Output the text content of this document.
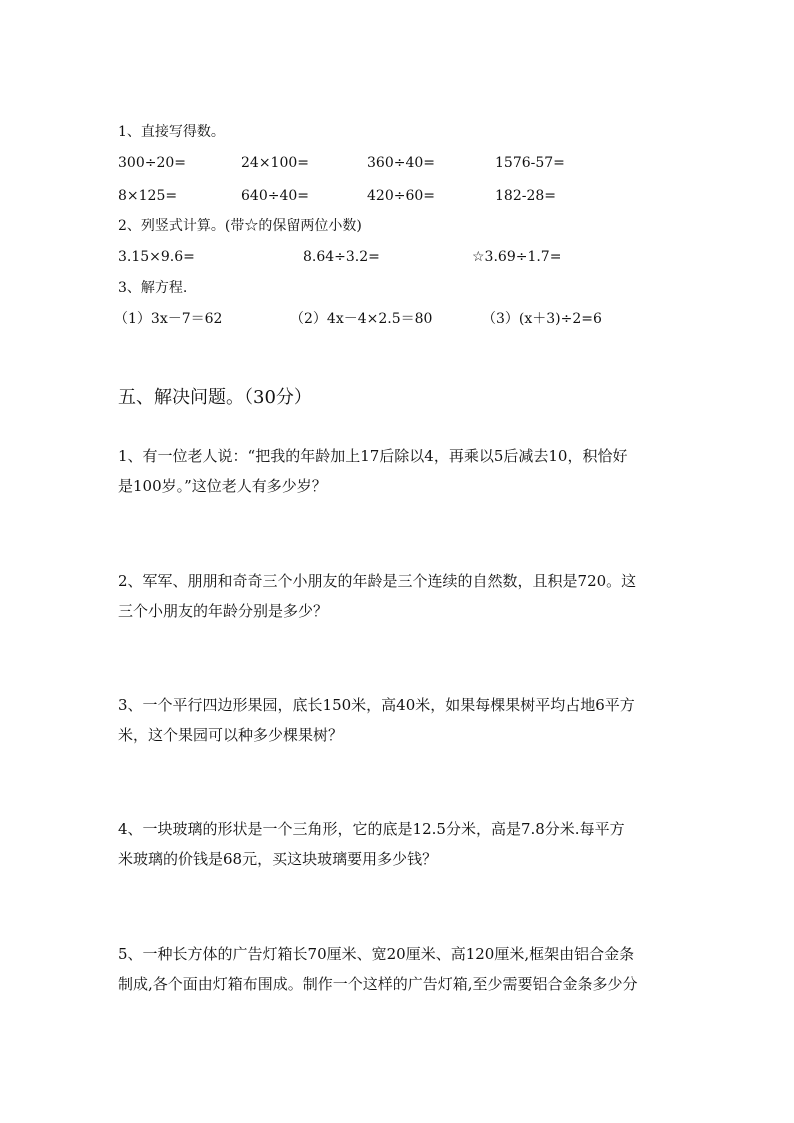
1、直接写得数。
300÷20=	24×100=	360÷40=	1576-57=
8×125=	640÷40=	420÷60=	182-28=
2、列竖式计算。(带☆的保留两位小数)
3.15×9.6=	8.64÷3.2=	☆3.69÷1.7=
3、解方程.
（1）3x－7＝62	（2）4x－4×2.5＝80	（3）(x＋3)÷2=6
五、解决问题。（30分）
1、有一位老人说：“把我的年龄加上17后除以4，再乘以5后减去10，积恰好
是100岁。”这位老人有多少岁？
2、军军、朋朋和奇奇三个小朋友的年龄是三个连续的自然数，且积是720。这
三个小朋友的年龄分别是多少？
3、一个平行四边形果园，底长150米，高40米，如果每棵果树平均占地6平方
米，这个果园可以种多少棵果树？
4、一块玻璃的形状是一个三角形，它的底是12.5分米，高是7.8分米.每平方
米玻璃的价钱是68元，买这块玻璃要用多少钱？
5、一种长方体的广告灯箱长70厘米、宽20厘米、高120厘米,框架由铝合金条
制成,各个面由灯箱布围成。制作一个这样的广告灯箱,至少需要铝合金条多少分
